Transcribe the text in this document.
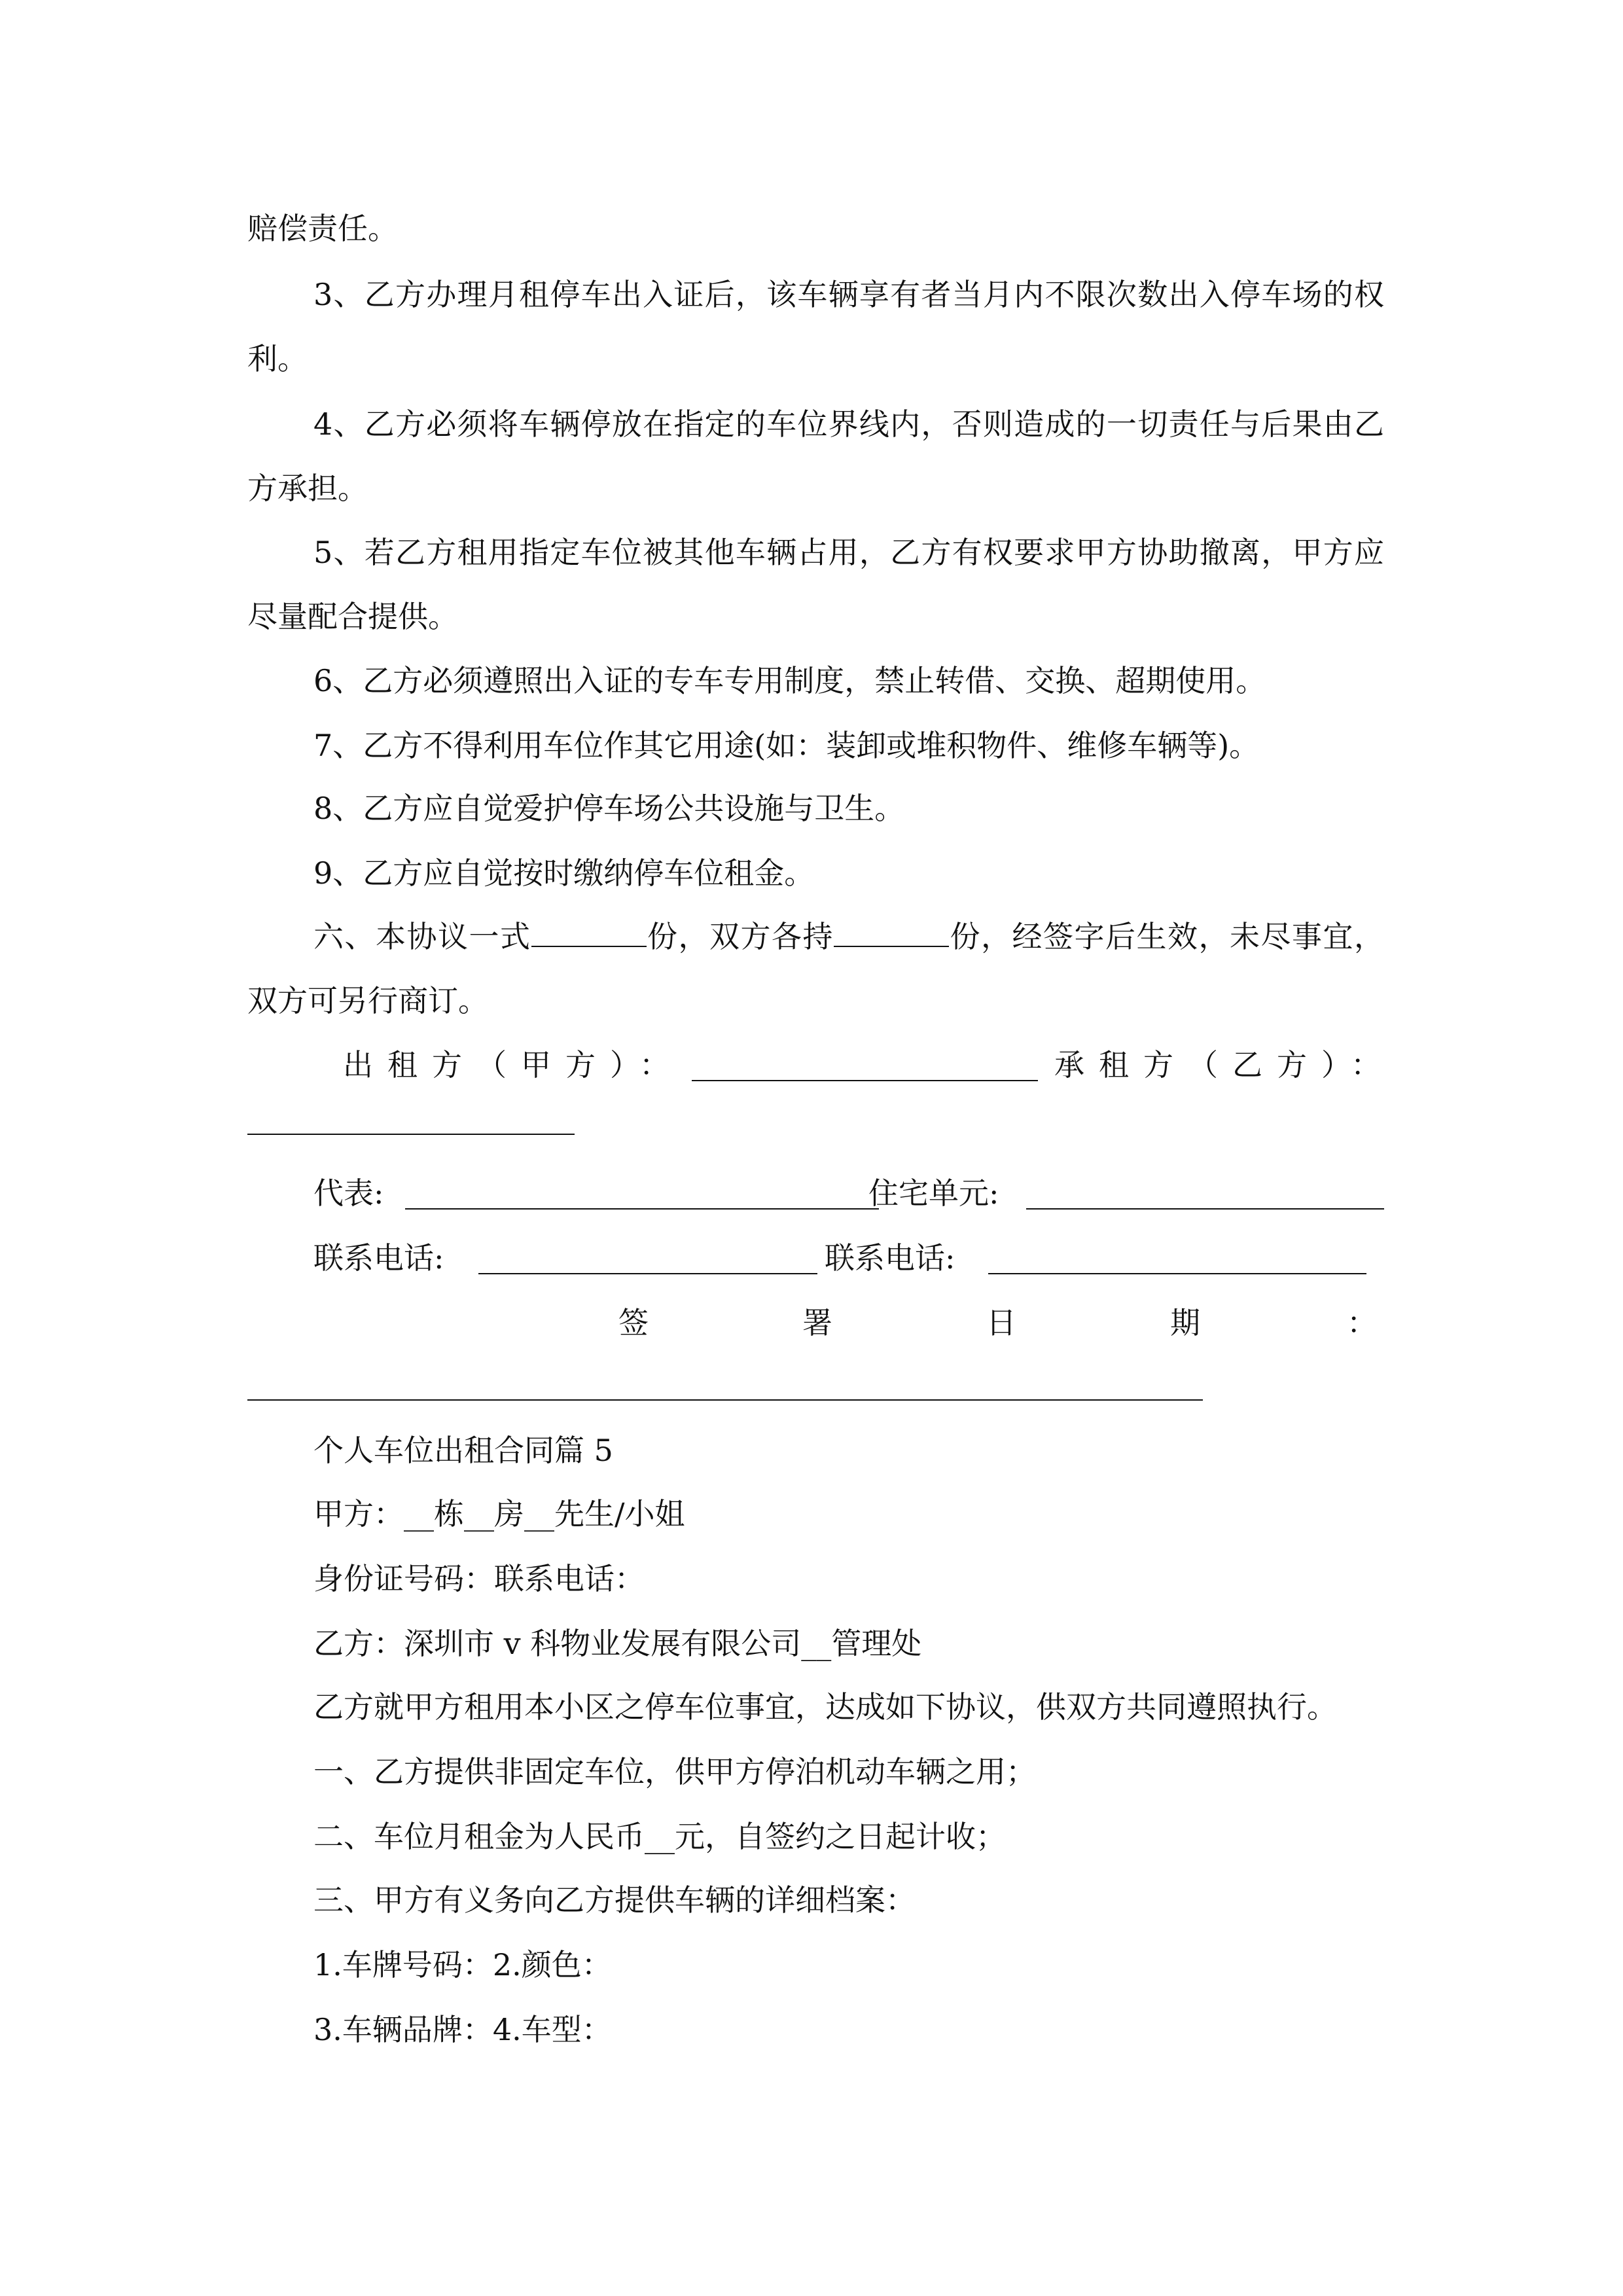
赔偿责任。
3、乙方办理月租停车出入证后，该车辆享有者当月内不限次数出入停车场的权利。
4、乙方必须将车辆停放在指定的车位界线内，否则造成的一切责任与后果由乙方承担。
5、若乙方租用指定车位被其他车辆占用，乙方有权要求甲方协助撤离，甲方应尽量配合提供。
6、乙方必须遵照出入证的专车专用制度，禁止转借、交换、超期使用。
7、乙方不得利用车位作其它用途(如：装卸或堆积物件、维修车辆等)。
8、乙方应自觉爱护停车场公共设施与卫生。
9、乙方应自觉按时缴纳停车位租金。
六、本协议一式	份，双方各持	份，经签字后生效，未尽事宜，双方可另行商订。
出租方（甲方）：	承租方（乙方）：
代表:	住宅单元:
联系电话:	联系电话:
签	署	日	期	：
个人车位出租合同篇 5
甲方：__栋__房__先生/小姐
身份证号码：联系电话：
乙方：深圳市 v 科物业发展有限公司__管理处
乙方就甲方租用本小区之停车位事宜，达成如下协议，供双方共同遵照执行。
一、乙方提供非固定车位，供甲方停泊机动车辆之用；
二、车位月租金为人民币__元，自签约之日起计收；
三、甲方有义务向乙方提供车辆的详细档案：
1.车牌号码：2.颜色：
3.车辆品牌：4.车型：
